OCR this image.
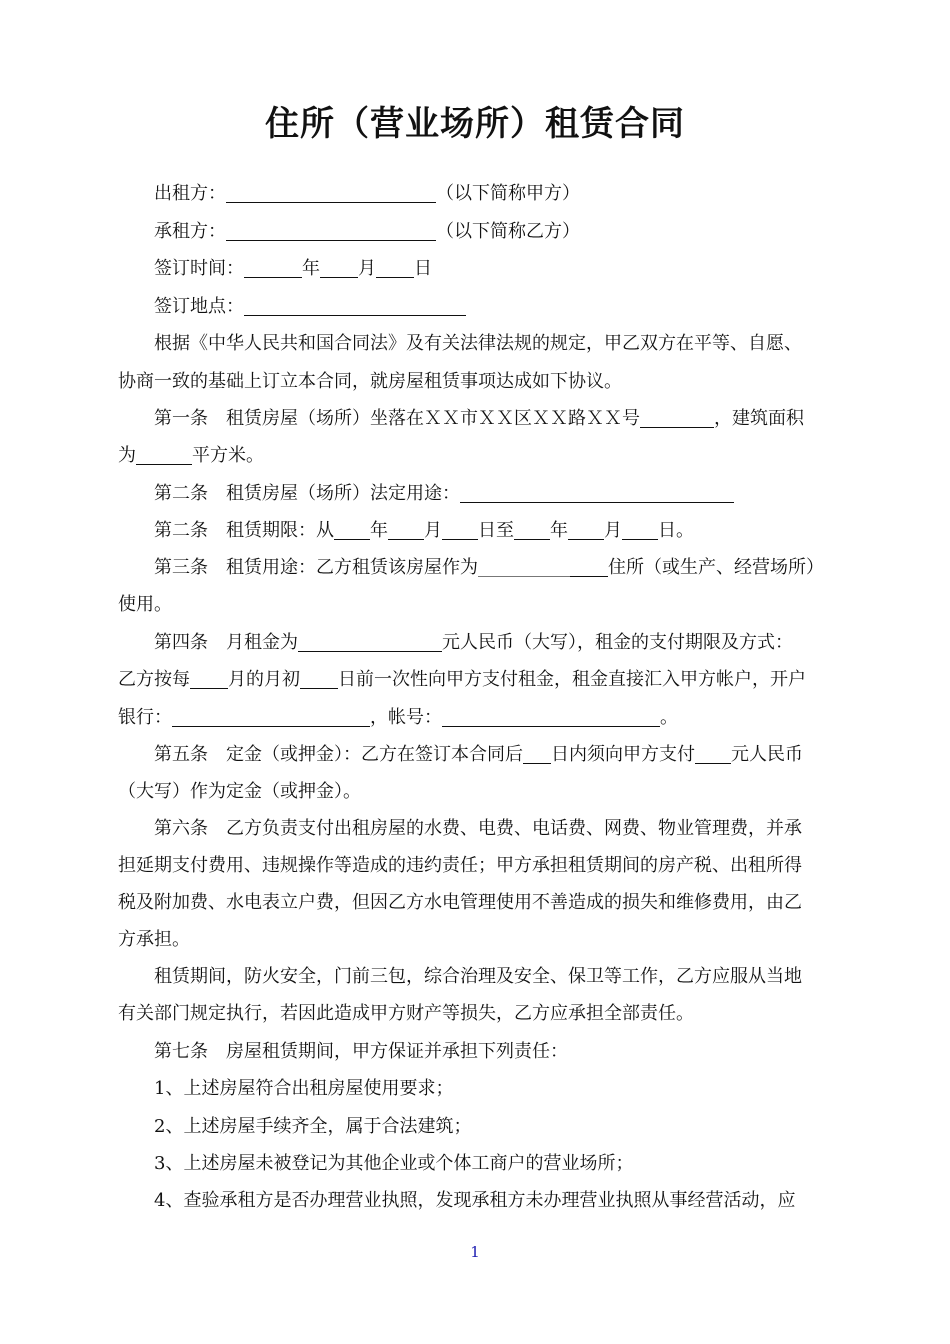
住所（营业场所）租赁合同
出租方：	（以下简称甲方）
承租方：	（以下简称乙方）
签订时间：	年 月 日
签订地点：
根据《中华人民共和国合同法》及有关法律法规的规定，甲乙双方在平等、自愿、
协商一致的基础上订立本合同，就房屋租赁事项达成如下协议。
第一条　租赁房屋（场所）坐落在ＸＸ市ＸＸ区ＸＸ路ＸＸ号	，建筑面积
为	平方米。
第二条　租赁房屋（场所）法定用途：
第二条　租赁期限：从 年 月 日至 年 月 日。
第三条　租赁用途：乙方租赁该房屋作为	住所（或生产、经营场所）
使用。
第四条　月租金为	元人民币（大写），租金的支付期限及方式：
乙方按每 月的月初 日前一次性向甲方支付租金，租金直接汇入甲方帐户，开户
银行：	，帐号：	。
第五条　定金（或押金）：乙方在签订本合同后 日内须向甲方支付 元人民币
（大写）作为定金（或押金）。
第六条　乙方负责支付出租房屋的水费、电费、电话费、网费、物业管理费，并承
担延期支付费用、违规操作等造成的违约责任；甲方承担租赁期间的房产税、出租所得
税及附加费、水电表立户费，但因乙方水电管理使用不善造成的损失和维修费用，由乙
方承担。
租赁期间，防火安全，门前三包，综合治理及安全、保卫等工作，乙方应服从当地
有关部门规定执行，若因此造成甲方财产等损失，乙方应承担全部责任。
第七条　房屋租赁期间，甲方保证并承担下列责任：
1、上述房屋符合出租房屋使用要求；
2、上述房屋手续齐全，属于合法建筑；
3、上述房屋未被登记为其他企业或个体工商户的营业场所；
4、查验承租方是否办理营业执照，发现承租方未办理营业执照从事经营活动，应
1
